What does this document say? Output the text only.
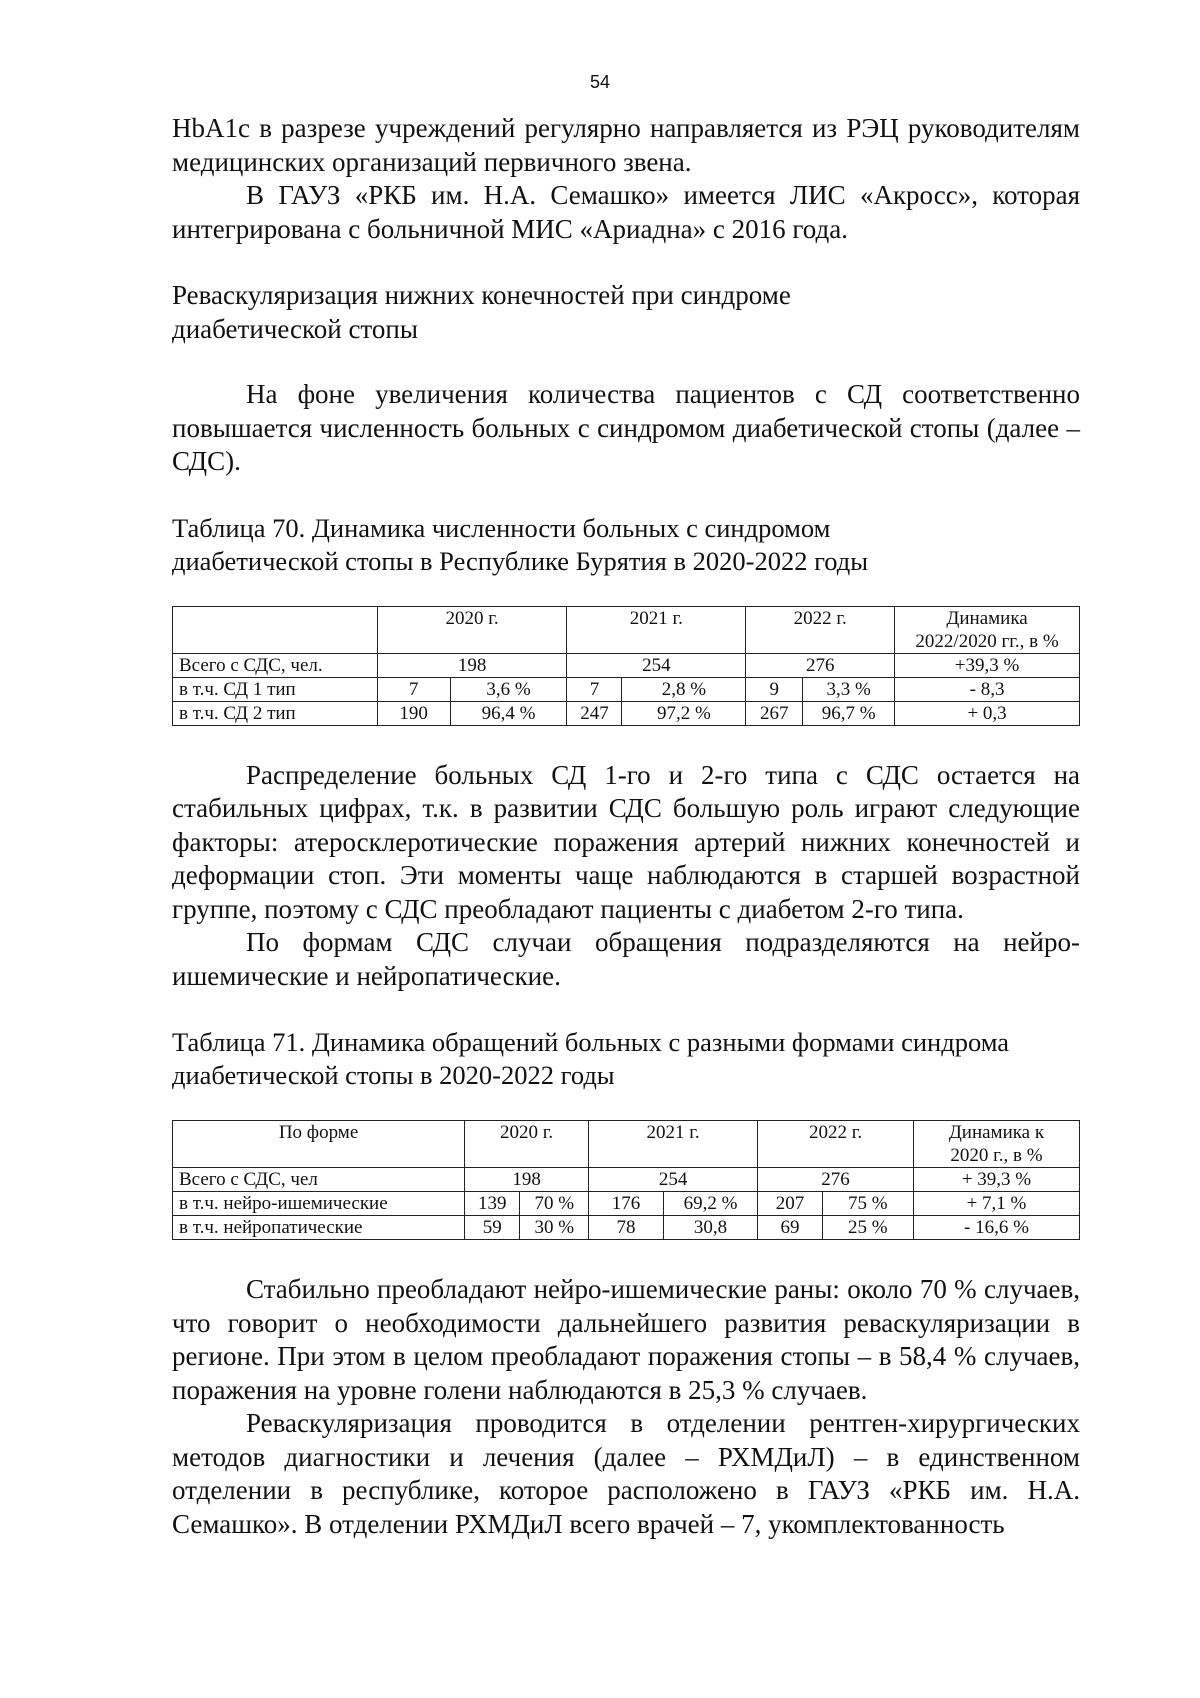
54

HbA1c в разрезе учреждений регулярно направляется из РЭЦ руководителям медицинских организаций первичного звена.

В ГАУЗ «РКБ им. Н.А. Семашко» имеется ЛИС «Акросс», которая интегрирована с больничной МИС «Ариадна» с 2016 года.

Реваскуляризация нижних конечностей при синдроме
диабетической стопы

На фоне увеличения количества пациентов с СД соответственно повышается численность больных с синдромом диабетической стопы (далее – СДС).

Таблица 70. Динамика численности больных с синдромом
диабетической стопы в Республике Бурятия в 2020-2022 годы

	2020 г.		2021 г.		2022 г.		Динамика
2022/2020 гг., в %
Всего с СДС, чел.	198		254		276		+39,3 %
в т.ч. СД 1 тип	7	3,6 %	7	2,8 %	9	3,3 %	- 8,3
в т.ч. СД 2 тип	190	96,4 %	247	97,2 %	267	96,7 %	+ 0,3

Распределение больных СД 1-го и 2-го типа с СДС остается на стабильных цифрах, т.к. в развитии СДС большую роль играют следующие факторы: атеросклеротические поражения артерий нижних конечностей и деформации стоп. Эти моменты чаще наблюдаются в старшей возрастной группе, поэтому с СДС преобладают пациенты с диабетом 2-го типа.

По формам СДС случаи обращения подразделяются на нейро-ишемические и нейропатические.

Таблица 71. Динамика обращений больных с разными формами синдрома
диабетической стопы в 2020-2022 годы

По форме	2020 г.		2021 г.		2022 г.		Динамика к
2020 г., в %
Всего с СДС, чел	198		254		276		+ 39,3 %
в т.ч. нейро-ишемические	139	70 %	176	69,2 %	207	75 %	+ 7,1 %
в т.ч. нейропатические	59	30 %	78	30,8	69	25 %	- 16,6 %

Стабильно преобладают нейро-ишемические раны: около 70 % случаев, что говорит о необходимости дальнейшего развития реваскуляризации в регионе. При этом в целом преобладают поражения стопы – в 58,4 % случаев, поражения на уровне голени наблюдаются в 25,3 % случаев.

Реваскуляризация проводится в отделении рентген-хирургических методов диагностики и лечения (далее – РХМДиЛ) – в единственном отделении в республике, которое расположено в ГАУЗ «РКБ им. Н.А. Семашко». В отделении РХМДиЛ всего врачей – 7, укомплектованность
